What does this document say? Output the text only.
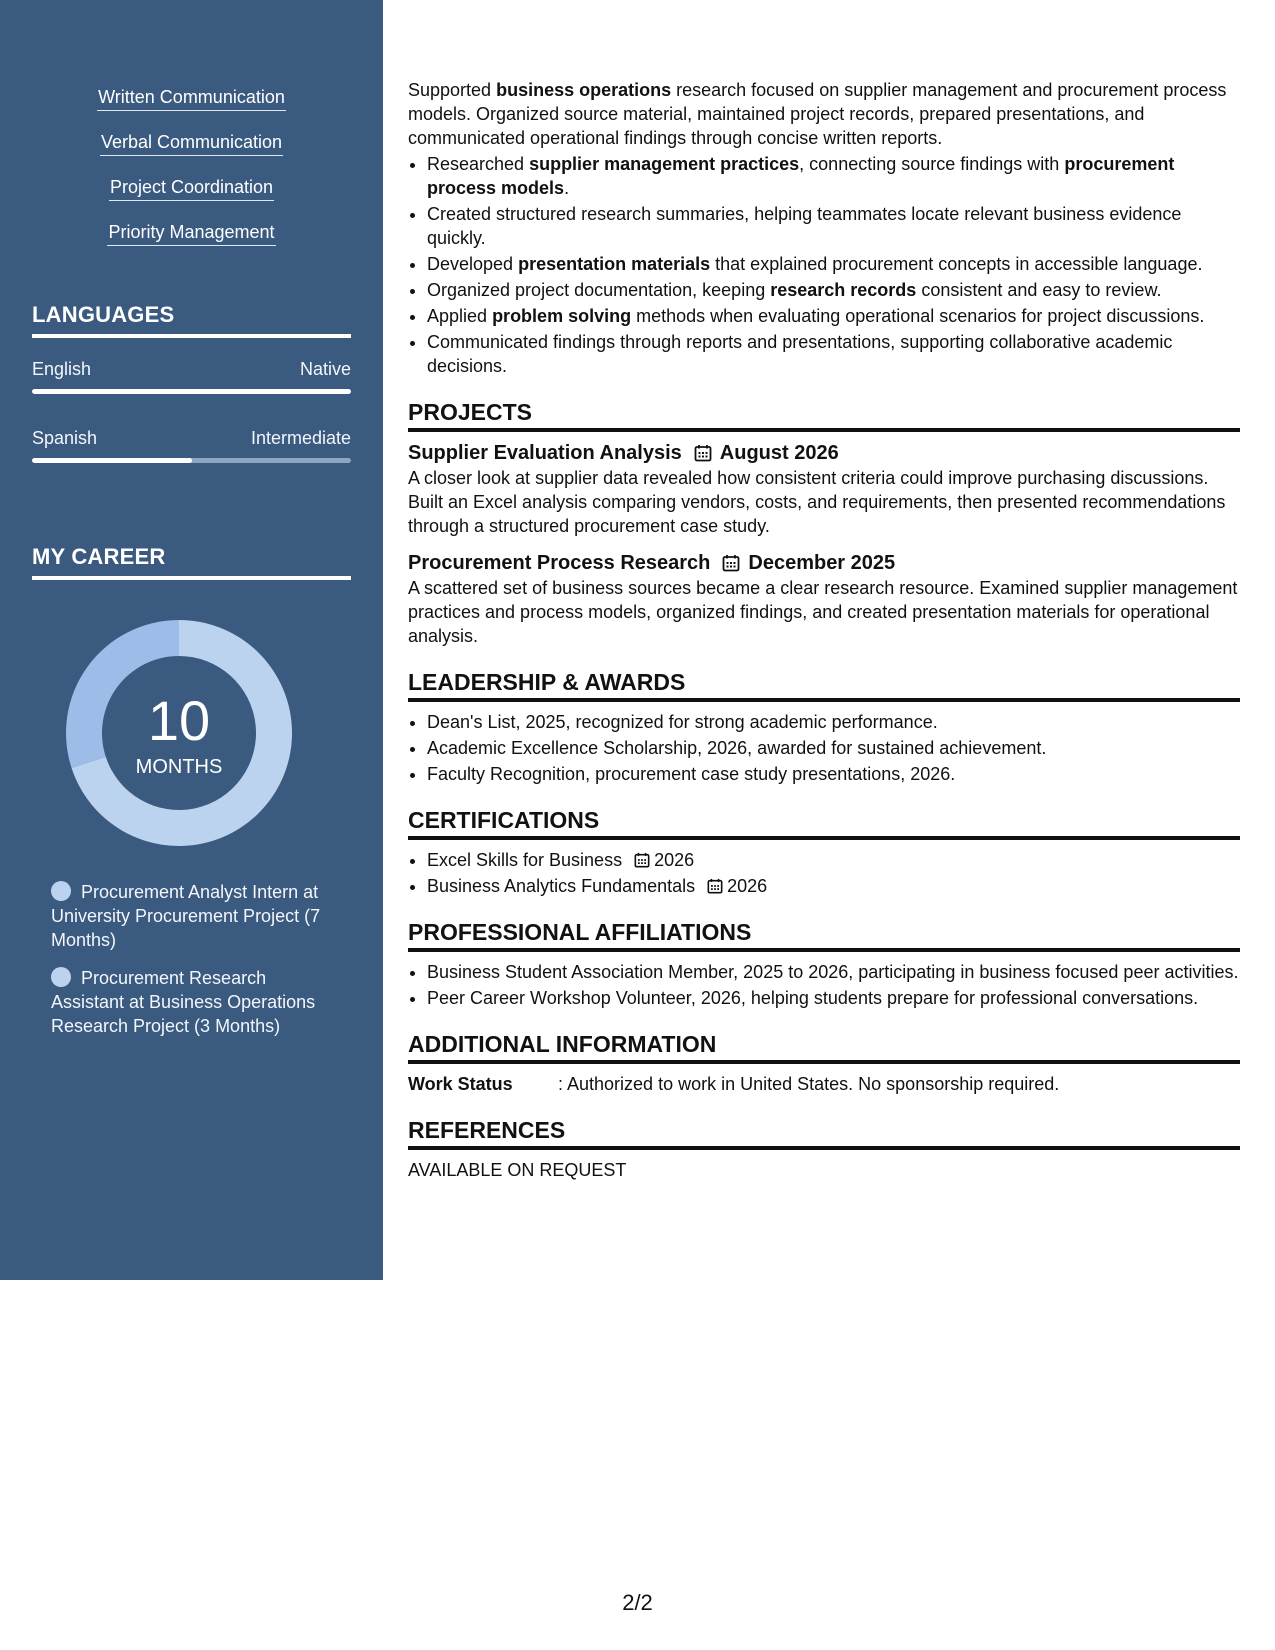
Written Communication
Verbal Communication
Project Coordination
Priority Management
LANGUAGES
English	Native
Spanish	Intermediate
MY CAREER
10
MONTHS
Procurement Analyst Intern at University Procurement Project (7 Months)
Procurement Research Assistant at Business Operations Research Project (3 Months)

Supported business operations research focused on supplier management and procurement process models. Organized source material, maintained project records, prepared presentations, and communicated operational findings through concise written reports.

• Researched supplier management practices, connecting source findings with procurement process models.
• Created structured research summaries, helping teammates locate relevant business evidence quickly.
• Developed presentation materials that explained procurement concepts in accessible language.
• Organized project documentation, keeping research records consistent and easy to review.
• Applied problem solving methods when evaluating operational scenarios for project discussions.
• Communicated findings through reports and presentations, supporting collaborative academic decisions.
PROJECTS
Supplier Evaluation Analysis August 2026

A closer look at supplier data revealed how consistent criteria could improve purchasing discussions. Built an Excel analysis comparing vendors, costs, and requirements, then presented recommendations through a structured procurement case study.

Procurement Process Research December 2025

A scattered set of business sources became a clear research resource. Examined supplier management practices and process models, organized findings, and created presentation materials for operational analysis.

LEADERSHIP & AWARDS
• Dean's List, 2025, recognized for strong academic performance.
• Academic Excellence Scholarship, 2026, awarded for sustained achievement.
• Faculty Recognition, procurement case study presentations, 2026.
CERTIFICATIONS
• Excel Skills for Business 2026
• Business Analytics Fundamentals 2026
PROFESSIONAL AFFILIATIONS
• Business Student Association Member, 2025 to 2026, participating in business focused peer activities.
• Peer Career Workshop Volunteer, 2026, helping students prepare for professional conversations.
ADDITIONAL INFORMATION
Work Status	: Authorized to work in United States. No sponsorship required.
REFERENCES

AVAILABLE ON REQUEST

2/2
